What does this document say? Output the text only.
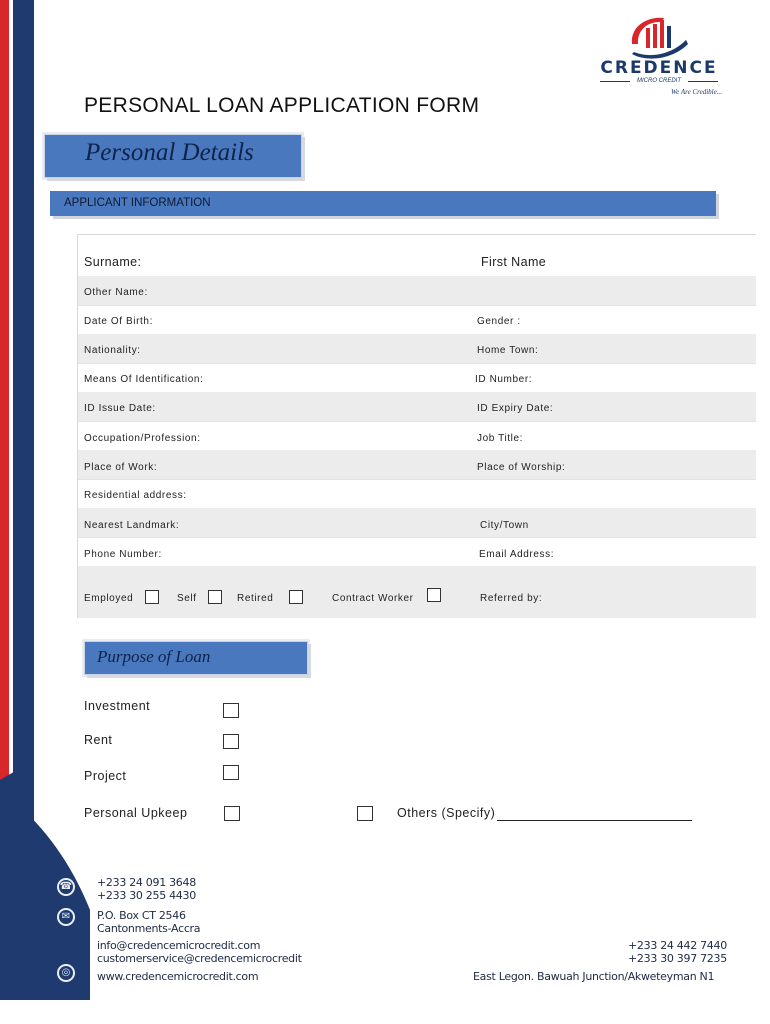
CREDENCE
MICRO CREDIT
We Are Credible...
PERSONAL LOAN APPLICATION FORM
Personal Details
APPLICANT INFORMATION
Surname:	First Name
Other Name:
Date Of Birth:	Gender :
Nationality:	Home Town:
Means Of Identification:	ID Number:
ID Issue Date:	ID Expiry Date:
Occupation/Profession:	Job Title:
Place of Work:	Place of Worship:
Residential address:
Nearest Landmark:	City/Town
Phone Number:	Email Address:
Employed	Self	Retired	Contract Worker	Referred by:
Purpose of Loan
Investment
Rent
Project
Personal Upkeep	Others (Specify)
☎
✉
◎
+233 24 091 3648
+233 30 255 4430
P.O. Box CT 2546
Cantonments-Accra
info@credencemicrocredit.com
customerservice@credencemicrocredit
www.credencemicrocredit.com
+233 24 442 7440
+233 30 397 7235
East Legon. Bawuah Junction/Akweteyman N1
